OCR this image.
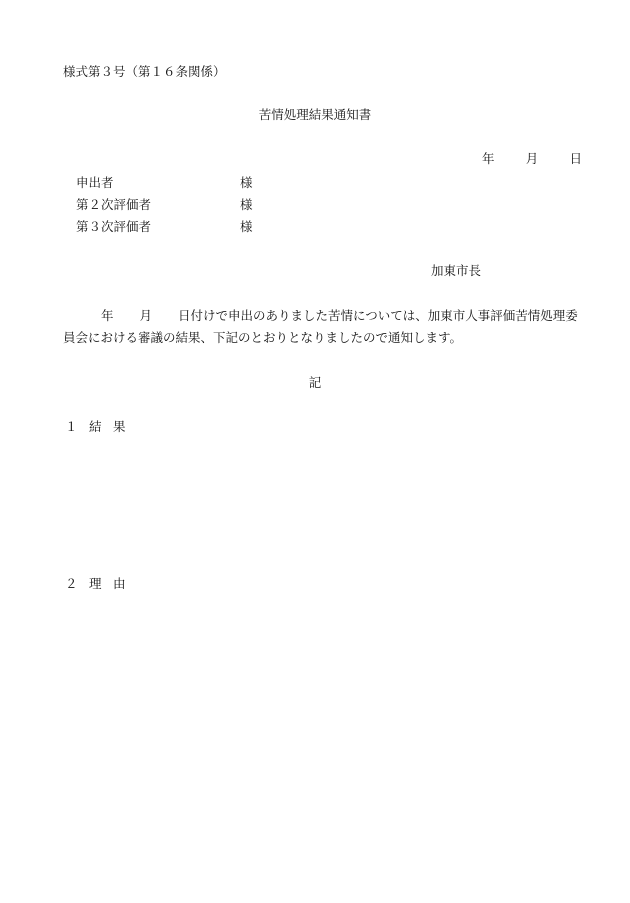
様式第３号（第１６条関係）
苦情処理結果通知書
年 月 日
申出者	様
第２次評価者	様
第３次評価者	様
加東市長
年 月 日付けで申出のありました苦情については、加東市人事評価苦情処理委
員会における審議の結果、下記のとおりとなりましたので通知します。
記
１ 結 果
２ 理 由
